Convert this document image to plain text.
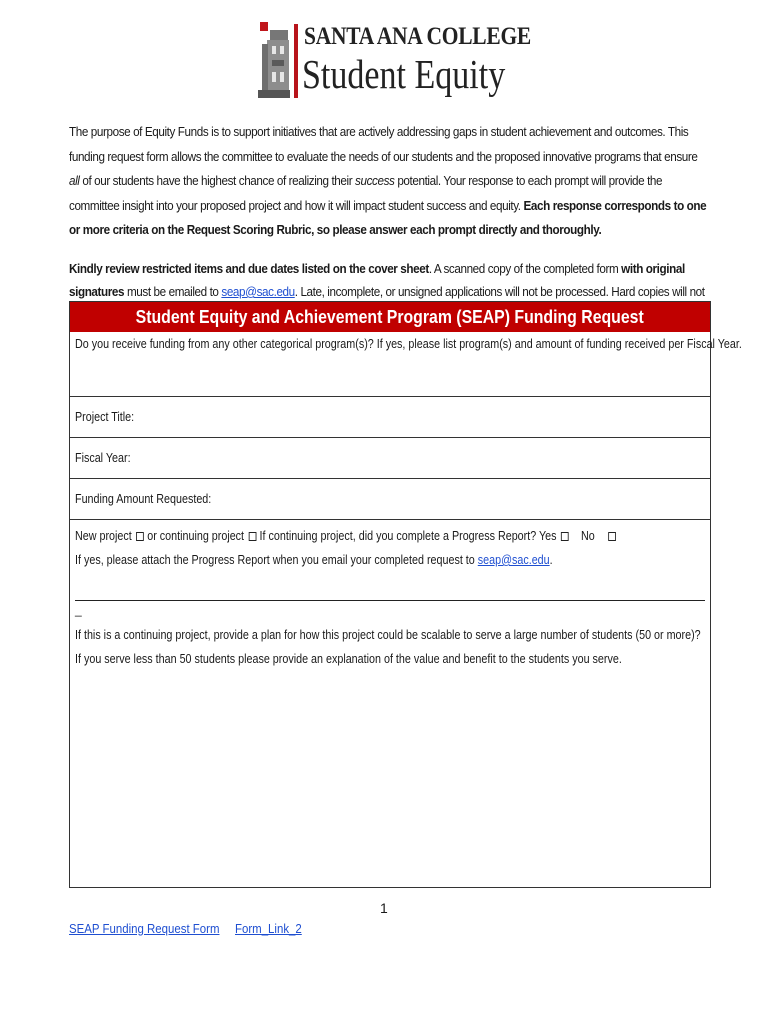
SANTA ANA COLLEGE
Student Equity

The purpose of Equity Funds is to support initiatives that are actively addressing gaps in student achievement and outcomes. This funding request form allows the committee to evaluate the needs of our students and the proposed innovative programs that ensure all of our students have the highest chance of realizing their success potential. Your response to each prompt will provide the committee insight into your proposed project and how it will impact student success and equity. Each response corresponds to one or more criteria on the Request Scoring Rubric, so please answer each prompt directly and thoroughly.

Kindly review restricted items and due dates listed on the cover sheet. A scanned copy of the completed form with original signatures must be emailed to seap@sac.edu. Late, incomplete, or unsigned applications will not be processed. Hard copies will not

Student Equity and Achievement Program (SEAP) Funding Request
Do you receive funding from any other categorical program(s)? If yes, please list program(s) and amount of funding received per Fiscal Year.
Project Title:
Fiscal Year:
Funding Amount Requested:
New project or continuing project If continuing project, did you complete a Progress Report? Yes No
If yes, please attach the Progress Report when you email your completed request to seap@sac.edu.
_
If this is a continuing project, provide a plan for how this project could be scalable to serve a large number of students (50 or more)? If you serve less than 50 students please provide an explanation of the value and benefit to the students you serve.
1
SEAP Funding Request Form Form_Link_2
